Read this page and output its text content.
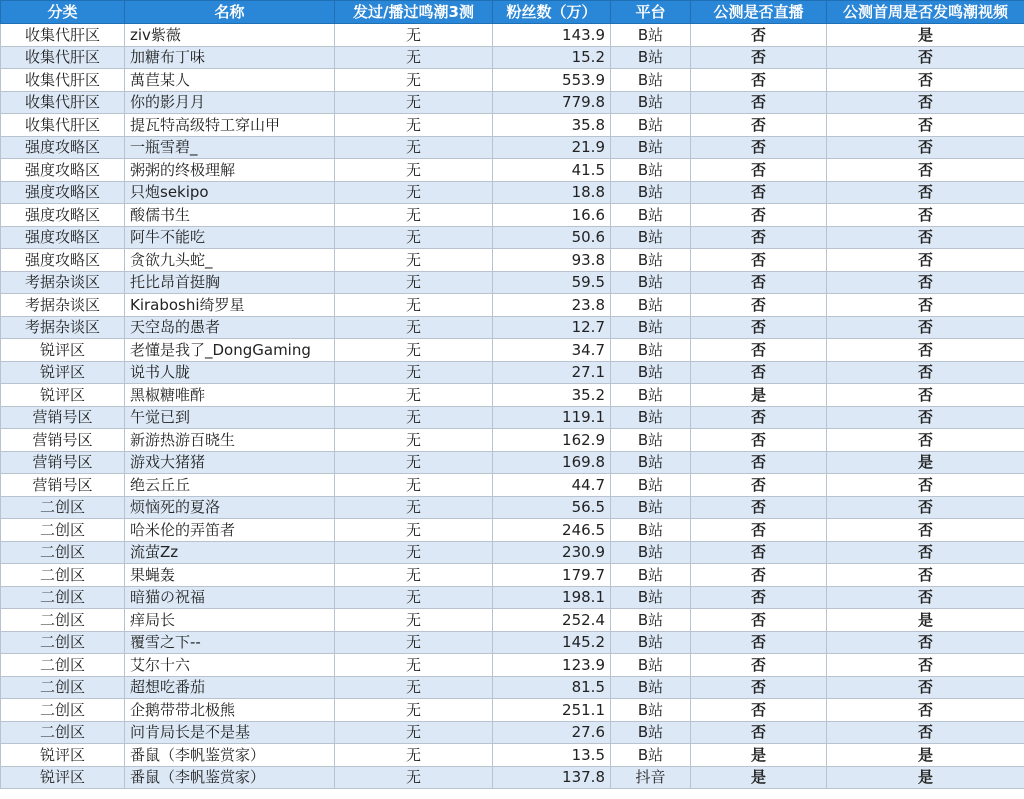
分类	名称	发过/播过鸣潮3测	粉丝数（万）	平台	公测是否直播	公测首周是否发鸣潮视频
收集代肝区	ziv紫薇	无	143.9	B站	否	是
收集代肝区	加糖布丁味	无	15.2	B站	否	否
收集代肝区	萬苣某人	无	553.9	B站	否	否
收集代肝区	你的影月月	无	779.8	B站	否	否
收集代肝区	提瓦特高级特工穿山甲	无	35.8	B站	否	否
强度攻略区	一瓶雪碧_	无	21.9	B站	否	否
强度攻略区	粥粥的终极理解	无	41.5	B站	否	否
强度攻略区	只炮sekipo	无	18.8	B站	否	否
强度攻略区	酸儒书生	无	16.6	B站	否	否
强度攻略区	阿牛不能吃	无	50.6	B站	否	否
强度攻略区	贪欲九头蛇_	无	93.8	B站	否	否
考据杂谈区	托比昂首挺胸	无	59.5	B站	否	否
考据杂谈区	Kiraboshi绮罗星	无	23.8	B站	否	否
考据杂谈区	天空岛的愚者	无	12.7	B站	否	否
锐评区	老懂是我了_DongGaming	无	34.7	B站	否	否
锐评区	说书人胧	无	27.1	B站	否	否
锐评区	黑椒糖唯酢	无	35.2	B站	是	否
营销号区	午觉已到	无	119.1	B站	否	否
营销号区	新游热游百晓生	无	162.9	B站	否	否
营销号区	游戏大猪猪	无	169.8	B站	否	是
营销号区	绝云丘丘	无	44.7	B站	否	否
二创区	烦恼死的夏洛	无	56.5	B站	否	否
二创区	哈米伦的弄笛者	无	246.5	B站	否	否
二创区	流萤Zz	无	230.9	B站	否	否
二创区	果蝇轰	无	179.7	B站	否	否
二创区	暗猫の祝福	无	198.1	B站	否	否
二创区	痒局长	无	252.4	B站	否	是
二创区	覆雪之下--	无	145.2	B站	否	否
二创区	艾尔十六	无	123.9	B站	否	否
二创区	超想吃番茄	无	81.5	B站	否	否
二创区	企鹅带带北极熊	无	251.1	B站	否	否
二创区	问肯局长是不是基	无	27.6	B站	否	否
锐评区	番鼠（李帆鉴赏家）	无	13.5	B站	是	是
锐评区	番鼠（李帆鉴赏家）	无	137.8	抖音	是	是
